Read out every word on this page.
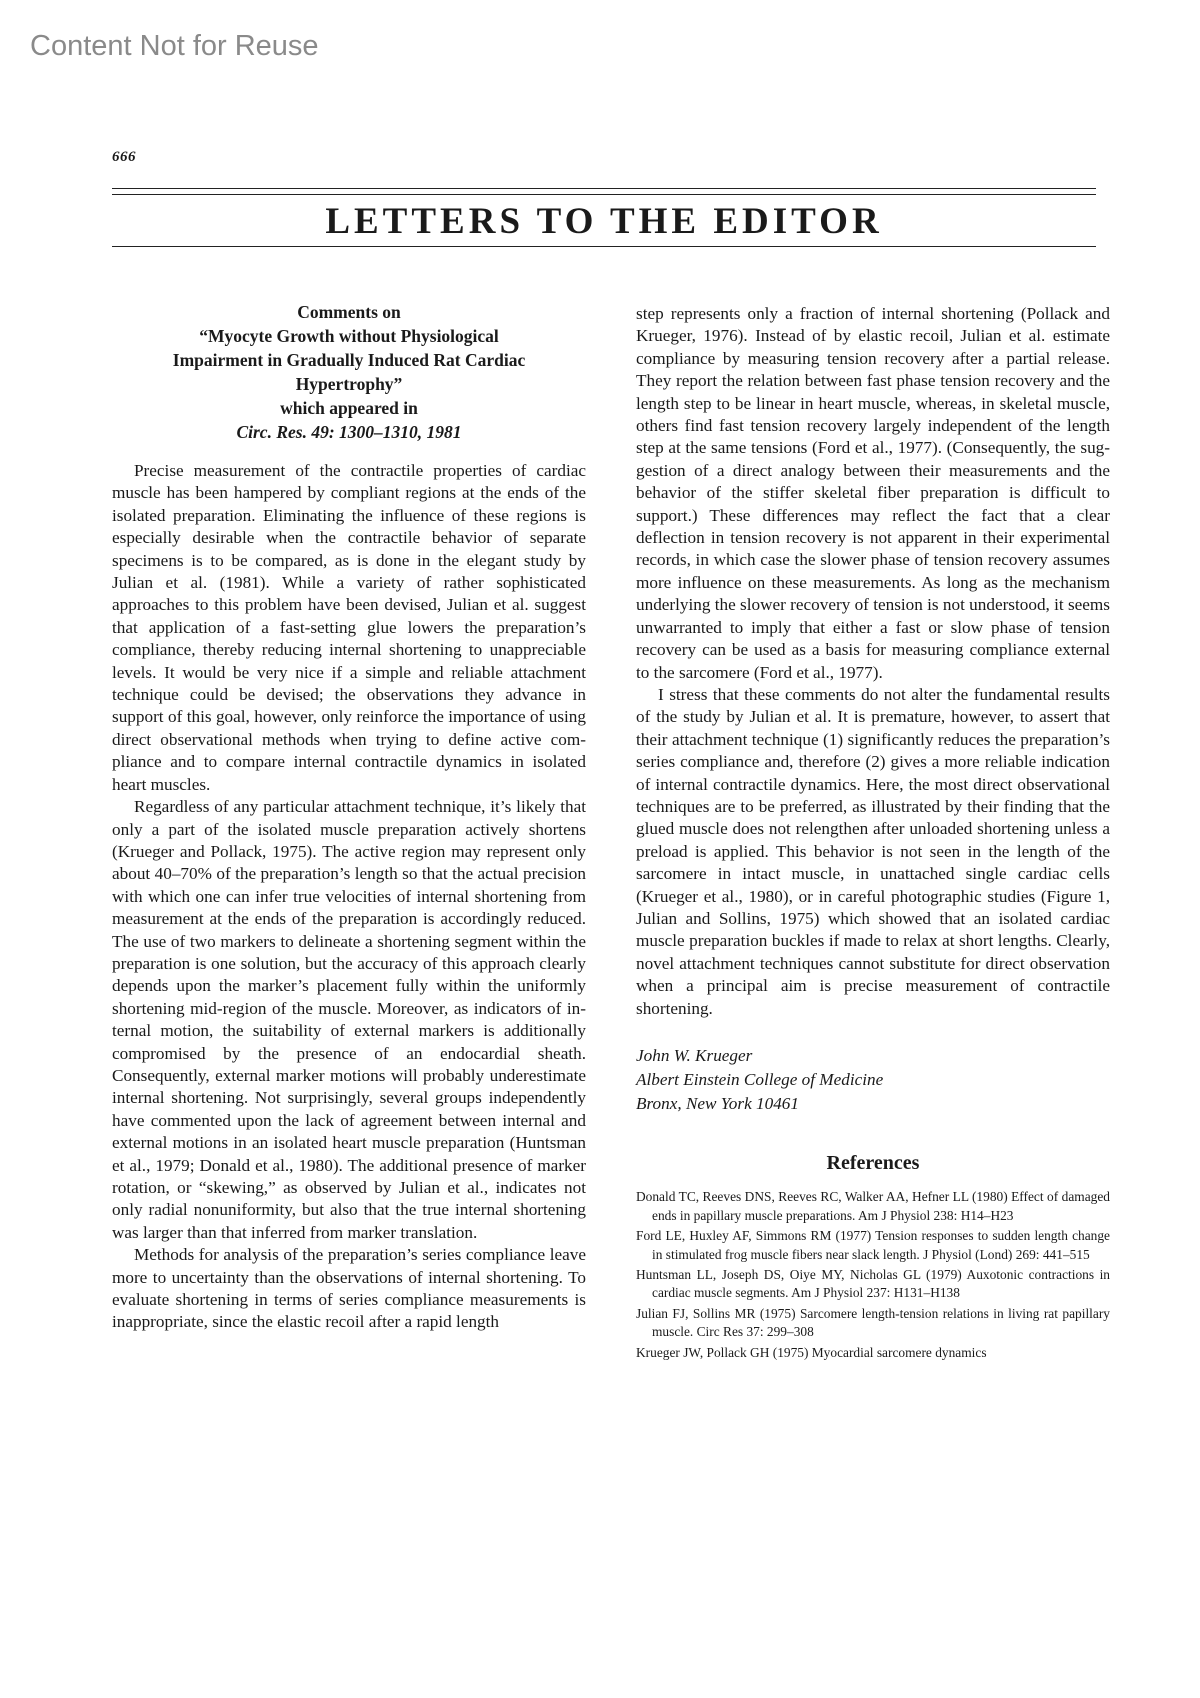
Content Not for Reuse
666
LETTERS TO THE EDITOR
Comments on
“Myocyte Growth without Physiological
Impairment in Gradually Induced Rat Cardiac
Hypertrophy”
which appeared in
Circ. Res. 49: 1300–1310, 1981

Precise measurement of the contractile properties of cardiac muscle has been hampered by compliant regions at the ends of the isolated preparation. Eliminating the influence of these regions is especially desirable when the contractile behavior of separate specimens is to be compared, as is done in the elegant study by Julian et al. (1981). While a variety of rather sophisticated approaches to this problem have been devised, Julian et al. suggest that application of a fast-setting glue lowers the preparation’s compliance, thereby reducing internal shortening to unappreciable levels. It would be very nice if a simple and reliable attachment technique could be devised; the observations they advance in support of this goal, however, only reinforce the importance of using direct observational methods when trying to define active compliance and to compare internal contractile dynamics in isolated heart muscles.

Regardless of any particular attachment technique, it’s likely that only a part of the isolated muscle preparation actively shortens (Krueger and Pollack, 1975). The active region may represent only about 40–70% of the preparation’s length so that the actual precision with which one can infer true velocities of internal shortening from measurement at the ends of the preparation is accordingly reduced. The use of two markers to delineate a shortening segment within the preparation is one solution, but the accuracy of this approach clearly depends upon the marker’s placement fully within the uniformly shortening mid-region of the muscle. Moreover, as indicators of internal motion, the suitability of external markers is additionally compromised by the presence of an endocardial sheath. Consequently, external marker motions will probably underestimate internal shortening. Not surprisingly, several groups independently have commented upon the lack of agreement between internal and external motions in an isolated heart muscle preparation (Huntsman et al., 1979; Donald et al., 1980). The additional presence of marker rotation, or “skewing,” as observed by Julian et al., indicates not only radial nonuniformity, but also that the true internal shortening was larger than that inferred from marker translation.

Methods for analysis of the preparation’s series compliance leave more to uncertainty than the observations of internal shortening. To evaluate shortening in terms of series compliance measurements is inappropriate, since the elastic recoil after a rapid length

step represents only a fraction of internal shortening (Pollack and Krueger, 1976). Instead of by elastic recoil, Julian et al. estimate compliance by measuring tension recovery after a partial release. They report the relation between fast phase tension recovery and the length step to be linear in heart muscle, whereas, in skeletal muscle, others find fast tension recovery largely independent of the length step at the same tensions (Ford et al., 1977). (Consequently, the suggestion of a direct analogy between their measurements and the behavior of the stiffer skeletal fiber preparation is difficult to support.) These differences may reflect the fact that a clear deflection in tension recovery is not apparent in their experimental records, in which case the slower phase of tension recovery assumes more influence on these measurements. As long as the mechanism underlying the slower recovery of tension is not understood, it seems unwarranted to imply that either a fast or slow phase of tension recovery can be used as a basis for measuring compliance external to the sarcomere (Ford et al., 1977).

I stress that these comments do not alter the fundamental results of the study by Julian et al. It is premature, however, to assert that their attachment technique (1) significantly reduces the preparation’s series compliance and, therefore (2) gives a more reliable indication of internal contractile dynamics. Here, the most direct observational techniques are to be preferred, as illustrated by their finding that the glued muscle does not relengthen after unloaded shortening unless a preload is applied. This behavior is not seen in the length of the sarcomere in intact muscle, in unattached single cardiac cells (Krueger et al., 1980), or in careful photographic studies (Figure 1, Julian and Sollins, 1975) which showed that an isolated cardiac muscle preparation buckles if made to relax at short lengths. Clearly, novel attachment techniques cannot substitute for direct observation when a principal aim is precise measurement of contractile shortening.

John W. Krueger
Albert Einstein College of Medicine
Bronx, New York 10461
References
Donald TC, Reeves DNS, Reeves RC, Walker AA, Hefner LL (1980) Effect of damaged ends in papillary muscle preparations. Am J Physiol 238: H14–H23
Ford LE, Huxley AF, Simmons RM (1977) Tension responses to sudden length change in stimulated frog muscle fibers near slack length. J Physiol (Lond) 269: 441–515
Huntsman LL, Joseph DS, Oiye MY, Nicholas GL (1979) Auxotonic contractions in cardiac muscle segments. Am J Physiol 237: H131–H138
Julian FJ, Sollins MR (1975) Sarcomere length-tension relations in living rat papillary muscle. Circ Res 37: 299–308
Krueger JW, Pollack GH (1975) Myocardial sarcomere dynamics
